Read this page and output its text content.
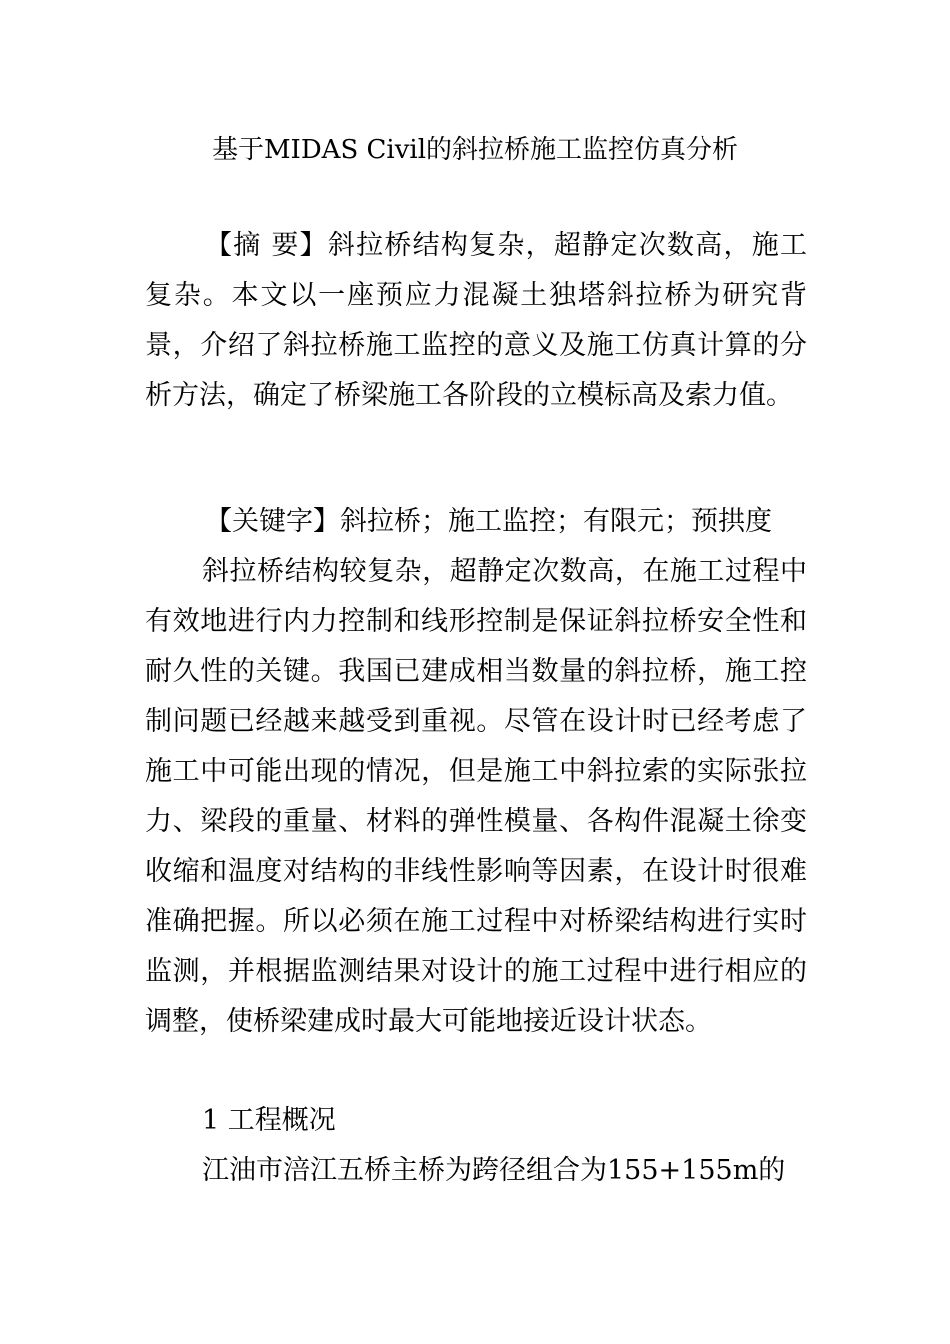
基于MIDAS Civil的斜拉桥施工监控仿真分析

【摘 要】斜拉桥结构复杂，超静定次数高，施工复杂。本文以一座预应力混凝土独塔斜拉桥为研究背景，介绍了斜拉桥施工监控的意义及施工仿真计算的分析方法，确定了桥梁施工各阶段的立模标高及索力值。

【关键字】斜拉桥；施工监控；有限元；预拱度

斜拉桥结构较复杂，超静定次数高，在施工过程中有效地进行内力控制和线形控制是保证斜拉桥安全性和耐久性的关键。我国已建成相当数量的斜拉桥，施工控制问题已经越来越受到重视。尽管在设计时已经考虑了施工中可能出现的情况，但是施工中斜拉索的实际张拉力、梁段的重量、材料的弹性模量、各构件混凝土徐变收缩和温度对结构的非线性影响等因素，在设计时很难准确把握。所以必须在施工过程中对桥梁结构进行实时监测，并根据监测结果对设计的施工过程中进行相应的调整，使桥梁建成时最大可能地接近设计状态。

1 工程概况

江油市涪江五桥主桥为跨径组合为155+155m的
